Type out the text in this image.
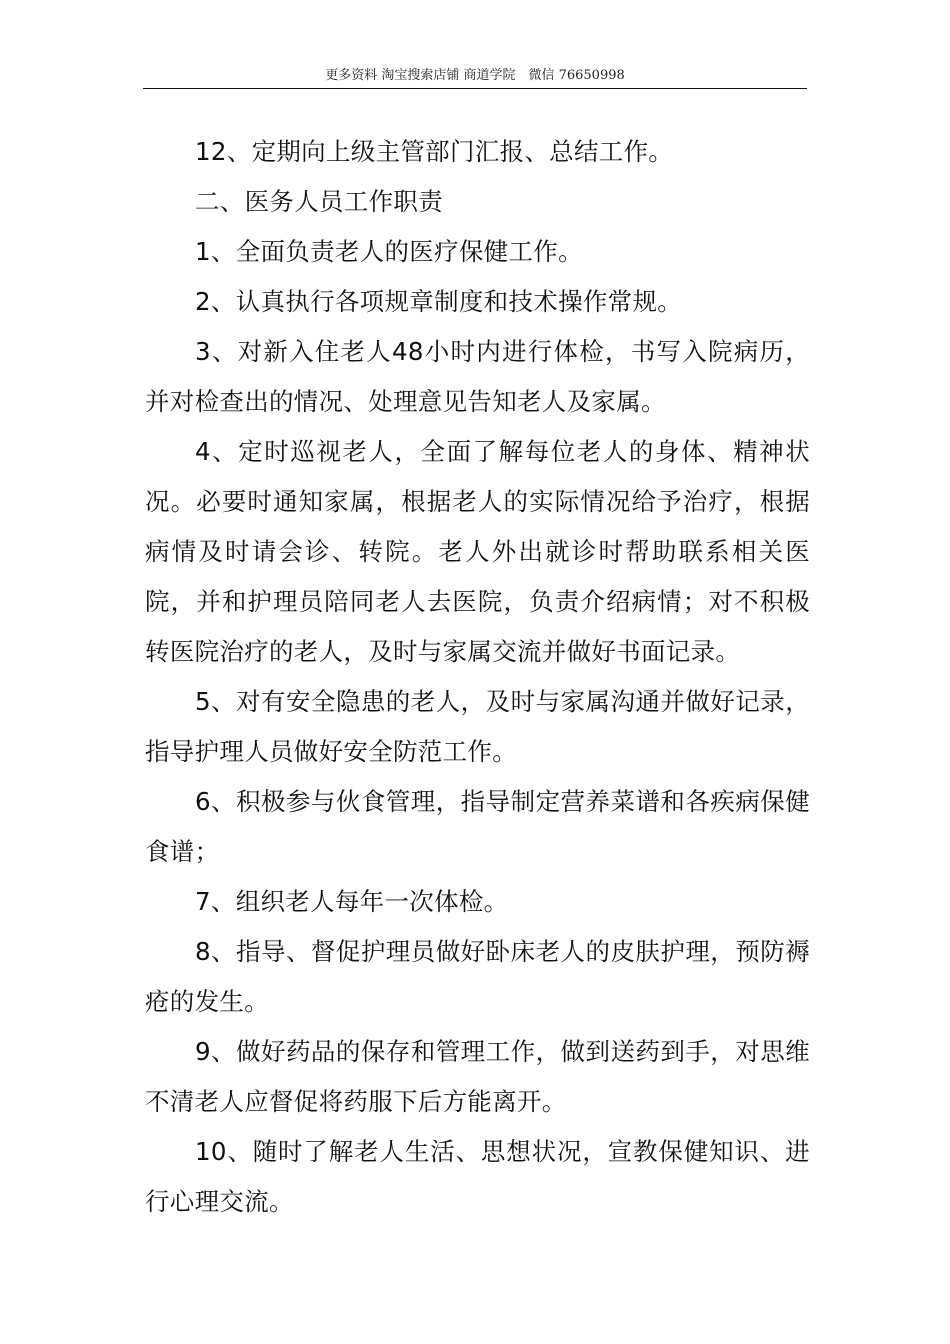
更多资料 淘宝搜索店铺 商道学院　微信 76650998

12、定期向上级主管部门汇报、总结工作。

二、医务人员工作职责

1、全面负责老人的医疗保健工作。

2、认真执行各项规章制度和技术操作常规。

3、对新入住老人48小时内进行体检，书写入院病历，并对检查出的情况、处理意见告知老人及家属。

4、定时巡视老人，全面了解每位老人的身体、精神状况。必要时通知家属，根据老人的实际情况给予治疗，根据病情及时请会诊、转院。老人外出就诊时帮助联系相关医院，并和护理员陪同老人去医院，负责介绍病情；对不积极转医院治疗的老人，及时与家属交流并做好书面记录。

5、对有安全隐患的老人，及时与家属沟通并做好记录，指导护理人员做好安全防范工作。

6、积极参与伙食管理，指导制定营养菜谱和各疾病保健食谱；

7、组织老人每年一次体检。

8、指导、督促护理员做好卧床老人的皮肤护理，预防褥疮的发生。

9、做好药品的保存和管理工作，做到送药到手，对思维不清老人应督促将药服下后方能离开。

10、随时了解老人生活、思想状况，宣教保健知识、进行心理交流。
